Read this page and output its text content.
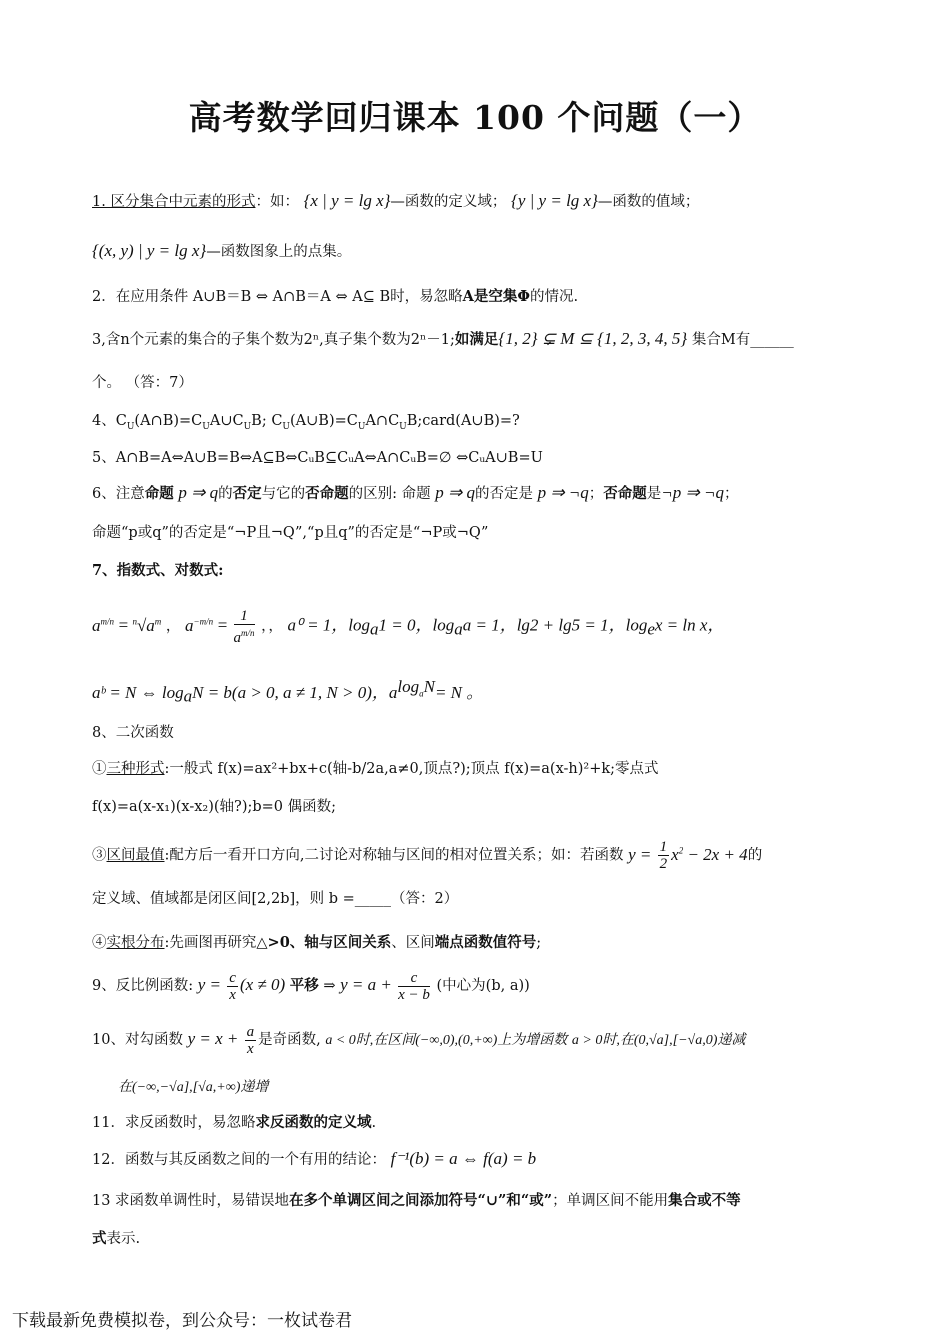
高考数学回归课本 100 个问题（一）
1. 区分集合中元素的形式：如： {x | y = lg x}—函数的定义域； {y | y = lg x}—函数的值域；
{(x, y) | y = lg x}—函数图象上的点集。
2．在应用条件 A∪B＝B ⇔ A∩B＝A ⇔ A⊆ B时，易忽略A是空集Φ的情况.
3,含n个元素的集合的子集个数为2ⁿ,真子集个数为2ⁿ－1;如满足{1, 2} ⊊ M ⊆ {1, 2, 3, 4, 5} 集合M有______
个。 （答：7）
4、$C_U(A\cap B)=C_UA\cup C_UB$; $C_U(A\cup B)=C_UA\cap C_UB;card(A\cup B)=$?
5、A∩B=A⇔A∪B=B⇔A⊆B⇔CᵤB⊆CᵤA⇔A∩CᵤB=∅ ⇔CᵤA∪B=U
6、注意命题 p ⇒ q的否定与它的否命题的区别: 命题 p ⇒ q的否定是 p ⇒ ¬q；否命题是¬p ⇒ ¬q；
命题“p或q”的否定是“¬P且¬Q”,“p且q”的否定是“¬P或¬Q”
7、指数式、对数式:
$a^{m/n} = ^n√a^m$ ， $a^{-m/n} = \frac{1}{a^{m/n}}$ ，， a⁰ = 1，$\log_a1 = 0$，$\log_aa = 1$，lg2 + lg5 = 1，$\log_ex = \ln x$，
aᵇ = N ⇔ $\log_aN = b(a > 0$, a ≠ 1, N > 0)，$a^{log_aN}= N$ 。
8、二次函数
①三种形式:一般式 f(x)=ax²+bx+c(轴-b/2a,a≠0,顶点?);顶点 f(x)=a(x-h)²+k;零点式
f(x)=a(x-x₁)(x-x₂)(轴?);b=0 偶函数;
③区间最值:配方后一看开口方向,二讨论对称轴与区间的相对位置关系；如：若函数 $y = \frac{1}{2} x^2 - 2x + 4$的
定义域、值域都是闭区间[2,2b]，则 b =_____（答：2）
④实根分布:先画图再研究△>0、轴与区间关系、区间端点函数值符号;
9、反比例函数: $y = \frac{c}{x} (x \ne 0)$ 平移 ⇒ $y = a + \frac{c}{x - b}$ (中心为(b, a))
10、对勾函数 $y = x + \frac{a}{x}$ 是奇函数, a < 0时,在区间(−∞,0),(0,+∞)上为增函数 a > 0时,在(0,√a],[−√a,0)递减
在(−∞,−√a],[√a,+∞)递增
11．求反函数时，易忽略求反函数的定义域.
12．函数与其反函数之间的一个有用的结论： f⁻¹(b) = a ⇔ f(a) = b
13 求函数单调性时，易错误地在多个单调区间之间添加符号“∪”和“或”；单调区间不能用集合或不等
式表示.
下载最新免费模拟卷，到公众号：一枚试卷君
